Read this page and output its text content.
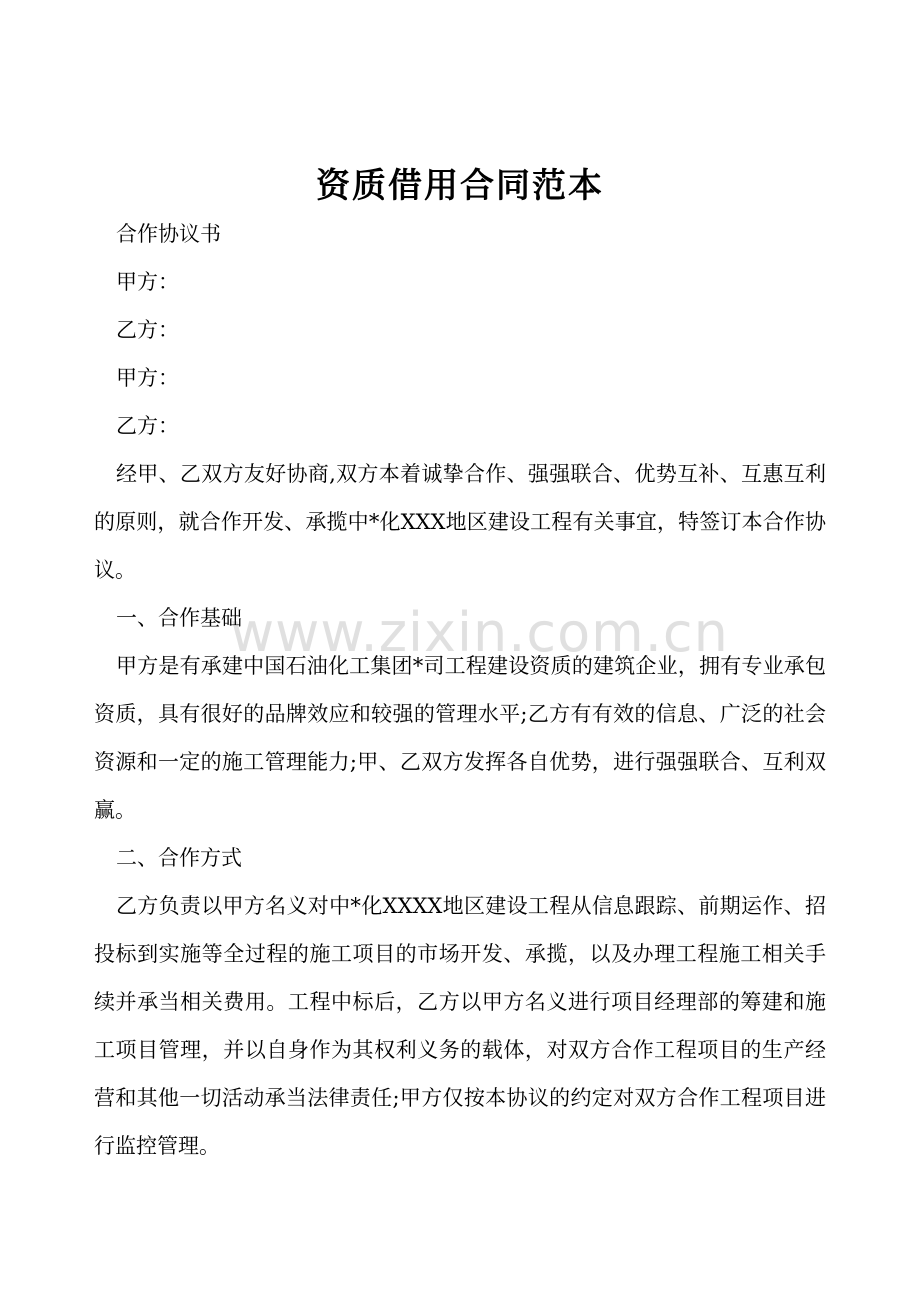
资质借用合同范本
www.zixin.com.cn

合作协议书

甲方：

乙方：

甲方：

乙方：

经甲、乙双方友好协商,双方本着诚挚合作、强强联合、优势互补、互惠互利的原则，就合作开发、承揽中*化XXX地区建设工程有关事宜，特签订本合作协议。

一、合作基础

甲方是有承建中国石油化工集团*司工程建设资质的建筑企业，拥有专业承包资质，具有很好的品牌效应和较强的管理水平;乙方有有效的信息、广泛的社会资源和一定的施工管理能力;甲、乙双方发挥各自优势，进行强强联合、互利双赢。

二、合作方式

乙方负责以甲方名义对中*化XXXX地区建设工程从信息跟踪、前期运作、招投标到实施等全过程的施工项目的市场开发、承揽，以及办理工程施工相关手续并承当相关费用。工程中标后，乙方以甲方名义进行项目经理部的筹建和施工项目管理，并以自身作为其权利义务的载体，对双方合作工程项目的生产经营和其他一切活动承当法律责任;甲方仅按本协议的约定对双方合作工程项目进行监控管理。
